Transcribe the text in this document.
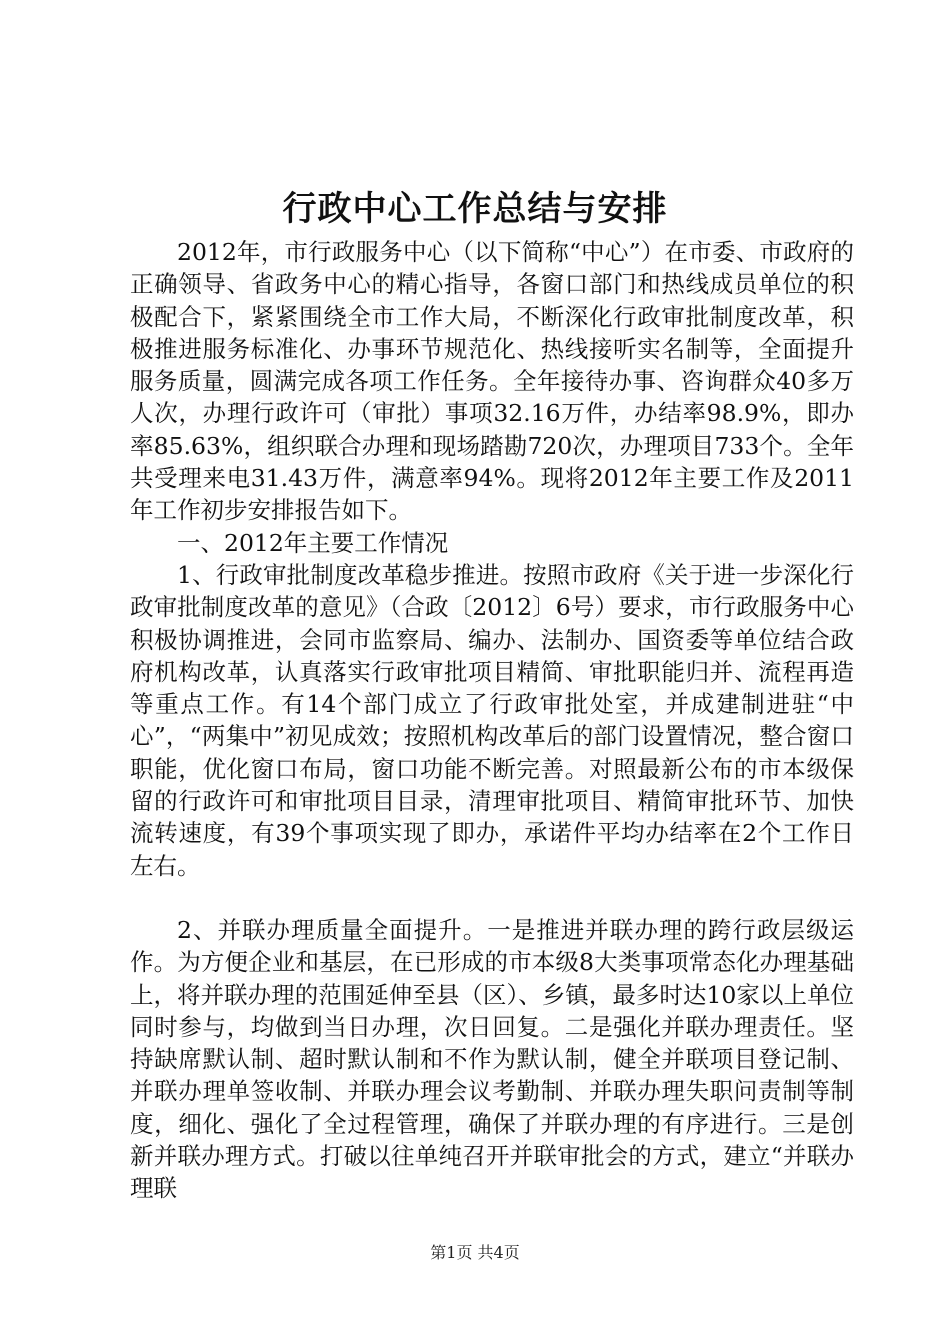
行政中心工作总结与安排

2012年，市行政服务中心（以下简称“中心”）在市委、市政府的正确领导、省政务中心的精心指导，各窗口部门和热线成员单位的积极配合下，紧紧围绕全市工作大局，不断深化行政审批制度改革，积极推进服务标准化、办事环节规范化、热线接听实名制等，全面提升服务质量，圆满完成各项工作任务。全年接待办事、咨询群众40多万人次，办理行政许可（审批）事项32.16万件，办结率98.9%，即办率85.63%，组织联合办理和现场踏勘720次，办理项目733个。全年共受理来电31.43万件，满意率94%。现将2012年主要工作及2011年工作初步安排报告如下。

一、2012年主要工作情况

1、行政审批制度改革稳步推进。按照市政府《关于进一步深化行政审批制度改革的意见》（合政〔2012〕6号）要求，市行政服务中心积极协调推进，会同市监察局、编办、法制办、国资委等单位结合政府机构改革，认真落实行政审批项目精简、审批职能归并、流程再造等重点工作。有14个部门成立了行政审批处室，并成建制进驻“中心”，“两集中”初见成效；按照机构改革后的部门设置情况，整合窗口职能，优化窗口布局，窗口功能不断完善。对照最新公布的市本级保留的行政许可和审批项目目录，清理审批项目、精简审批环节、加快流转速度，有39个事项实现了即办，承诺件平均办结率在2个工作日左右。

2、并联办理质量全面提升。一是推进并联办理的跨行政层级运作。为方便企业和基层，在已形成的市本级8大类事项常态化办理基础上，将并联办理的范围延伸至县（区）、乡镇，最多时达10家以上单位同时参与，均做到当日办理，次日回复。二是强化并联办理责任。坚持缺席默认制、超时默认制和不作为默认制，健全并联项目登记制、并联办理单签收制、并联办理会议考勤制、并联办理失职问责制等制度，细化、强化了全过程管理，确保了并联办理的有序进行。三是创新并联办理方式。打破以往单纯召开并联审批会的方式，建立“并联办理联

第1页 共4页
